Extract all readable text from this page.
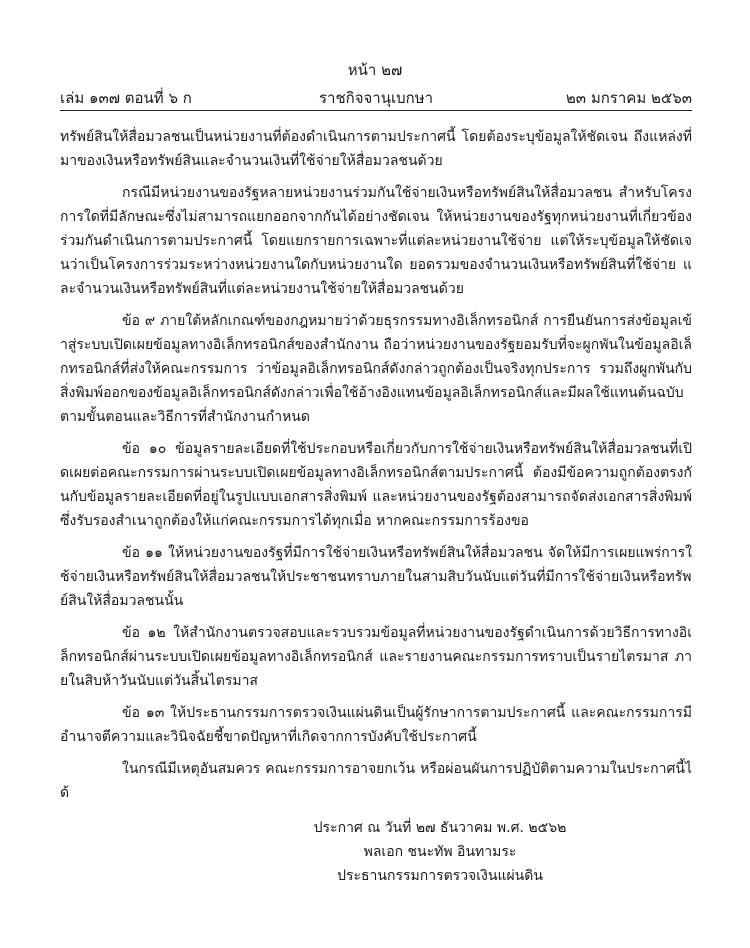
หน้า ๒๗
เล่ม ๑๓๗ ตอนที่ ๖ ก	ราชกิจจานุเบกษา	๒๓ มกราคม ๒๕๖๓

ทรัพย์สินให้สื่อมวลชนเป็นหน่วยงานที่ต้องดำเนินการตามประกาศนี้ โดยต้องระบุข้อมูลให้ชัดเจน ถึงแหล่งที่มาของเงินหรือทรัพย์สินและจำนวนเงินที่ใช้จ่ายให้สื่อมวลชนด้วย

กรณีมีหน่วยงานของรัฐหลายหน่วยงานร่วมกันใช้จ่ายเงินหรือทรัพย์สินให้สื่อมวลชน สำหรับโครงการใดที่มีลักษณะซึ่งไม่สามารถแยกออกจากกันได้อย่างชัดเจน ให้หน่วยงานของรัฐทุกหน่วยงานที่เกี่ยวข้องร่วมกันดำเนินการตามประกาศนี้ โดยแยกรายการเฉพาะที่แต่ละหน่วยงานใช้จ่าย แต่ให้ระบุข้อมูลให้ชัดเจนว่าเป็นโครงการร่วมระหว่างหน่วยงานใดกับหน่วยงานใด ยอดรวมของจำนวนเงินหรือทรัพย์สินที่ใช้จ่าย และจำนวนเงินหรือทรัพย์สินที่แต่ละหน่วยงานใช้จ่ายให้สื่อมวลชนด้วย

ข้อ ๙ ภายใต้หลักเกณฑ์ของกฎหมายว่าด้วยธุรกรรมทางอิเล็กทรอนิกส์ การยืนยันการส่งข้อมูลเข้าสู่ระบบเปิดเผยข้อมูลทางอิเล็กทรอนิกส์ของสำนักงาน ถือว่าหน่วยงานของรัฐยอมรับที่จะผูกพันในข้อมูลอิเล็กทรอนิกส์ที่ส่งให้คณะกรรมการ ว่าข้อมูลอิเล็กทรอนิกส์ดังกล่าวถูกต้องเป็นจริงทุกประการ รวมถึงผูกพันกับสิ่งพิมพ์ออกของข้อมูลอิเล็กทรอนิกส์ดังกล่าวเพื่อใช้อ้างอิงแทนข้อมูลอิเล็กทรอนิกส์และมีผลใช้แทนต้นฉบับ ตามขั้นตอนและวิธีการที่สำนักงานกำหนด

ข้อ ๑๐ ข้อมูลรายละเอียดที่ใช้ประกอบหรือเกี่ยวกับการใช้จ่ายเงินหรือทรัพย์สินให้สื่อมวลชนที่เปิดเผยต่อคณะกรรมการผ่านระบบเปิดเผยข้อมูลทางอิเล็กทรอนิกส์ตามประกาศนี้ ต้องมีข้อความถูกต้องตรงกันกับข้อมูลรายละเอียดที่อยู่ในรูปแบบเอกสารสิ่งพิมพ์ และหน่วยงานของรัฐต้องสามารถจัดส่งเอกสารสิ่งพิมพ์ซึ่งรับรองสำเนาถูกต้องให้แก่คณะกรรมการได้ทุกเมื่อ หากคณะกรรมการร้องขอ

ข้อ ๑๑ ให้หน่วยงานของรัฐที่มีการใช้จ่ายเงินหรือทรัพย์สินให้สื่อมวลชน จัดให้มีการเผยแพร่การใช้จ่ายเงินหรือทรัพย์สินให้สื่อมวลชนให้ประชาชนทราบภายในสามสิบวันนับแต่วันที่มีการใช้จ่ายเงินหรือทรัพย์สินให้สื่อมวลชนนั้น

ข้อ ๑๒ ให้สำนักงานตรวจสอบและรวบรวมข้อมูลที่หน่วยงานของรัฐดำเนินการด้วยวิธีการทางอิเล็กทรอนิกส์ผ่านระบบเปิดเผยข้อมูลทางอิเล็กทรอนิกส์ และรายงานคณะกรรมการทราบเป็นรายไตรมาส ภายในสิบห้าวันนับแต่วันสิ้นไตรมาส

ข้อ ๑๓ ให้ประธานกรรมการตรวจเงินแผ่นดินเป็นผู้รักษาการตามประกาศนี้ และคณะกรรมการมีอำนาจตีความและวินิจฉัยชี้ขาดปัญหาที่เกิดจากการบังคับใช้ประกาศนี้

ในกรณีมีเหตุอันสมควร คณะกรรมการอาจยกเว้น หรือผ่อนผันการปฏิบัติตามความในประกาศนี้ได้

ประกาศ ณ วันที่ ๒๗ ธันวาคม พ.ศ. ๒๕๖๒
พลเอก ชนะทัพ อินทามระ
ประธานกรรมการตรวจเงินแผ่นดิน
